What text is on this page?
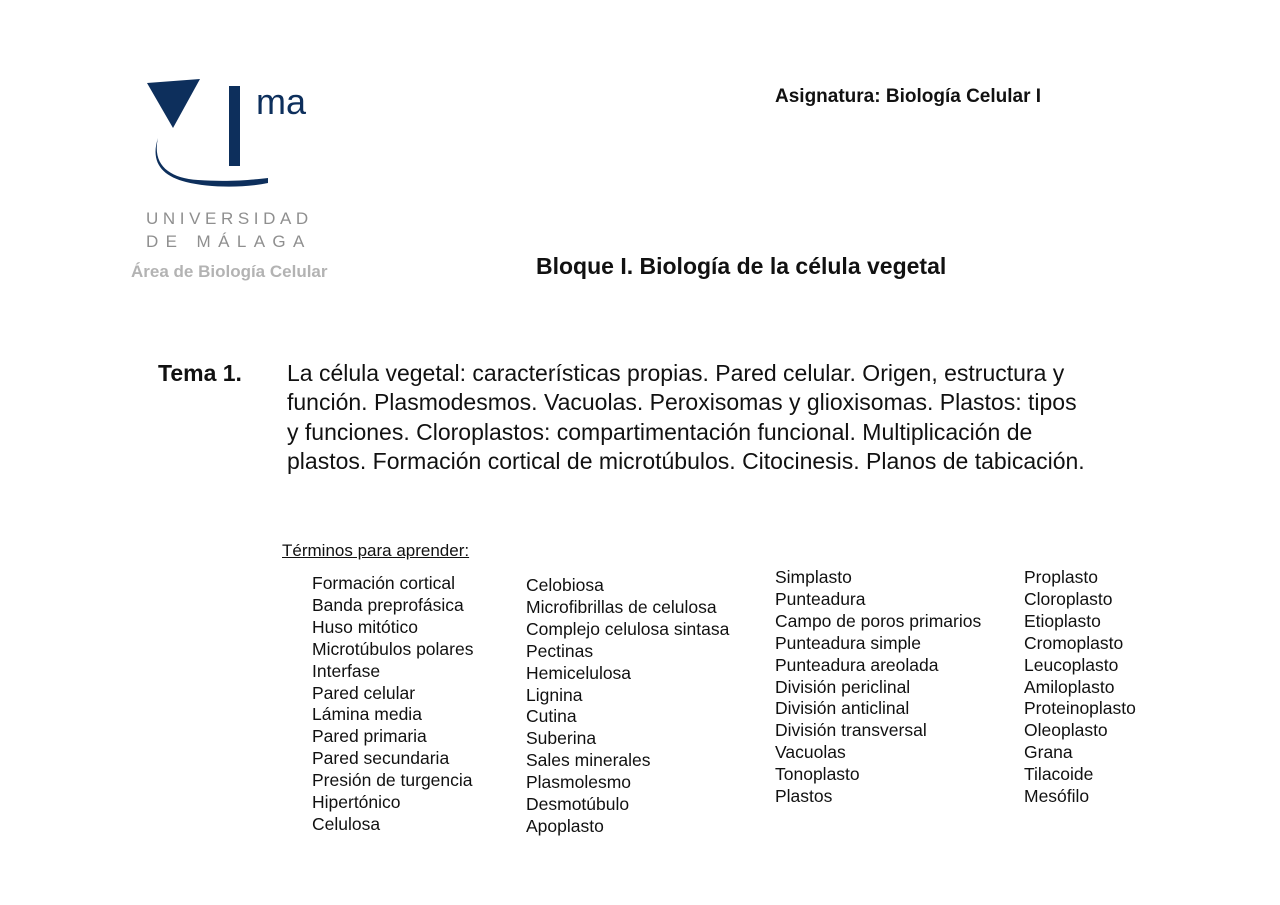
ma
UNIVERSIDAD
DE MÁLAGA
Área de Biología Celular
Asignatura: Biología Celular I
Bloque I. Biología de la célula vegetal
Tema 1. La célula vegetal: características propias. Pared celular. Origen, estructura y
función. Plasmodesmos. Vacuolas. Peroxisomas y glioxisomas. Plastos: tipos
y funciones. Cloroplastos: compartimentación funcional. Multiplicación de
plastos. Formación cortical de microtúbulos. Citocinesis. Planos de tabicación.
Términos para aprender:
Formación cortical
Banda preprofásica
Huso mitótico
Microtúbulos polares
Interfase
Pared celular
Lámina media
Pared primaria
Pared secundaria
Presión de turgencia
Hipertónico
Celulosa
Celobiosa
Microfibrillas de celulosa
Complejo celulosa sintasa
Pectinas
Hemicelulosa
Lignina
Cutina
Suberina
Sales minerales
Plasmolesmo
Desmotúbulo
Apoplasto
Simplasto
Punteadura
Campo de poros primarios
Punteadura simple
Punteadura areolada
División periclinal
División anticlinal
División transversal
Vacuolas
Tonoplasto
Plastos
Proplasto
Cloroplasto
Etioplasto
Cromoplasto
Leucoplasto
Amiloplasto
Proteinoplasto
Oleoplasto
Grana
Tilacoide
Mesófilo
